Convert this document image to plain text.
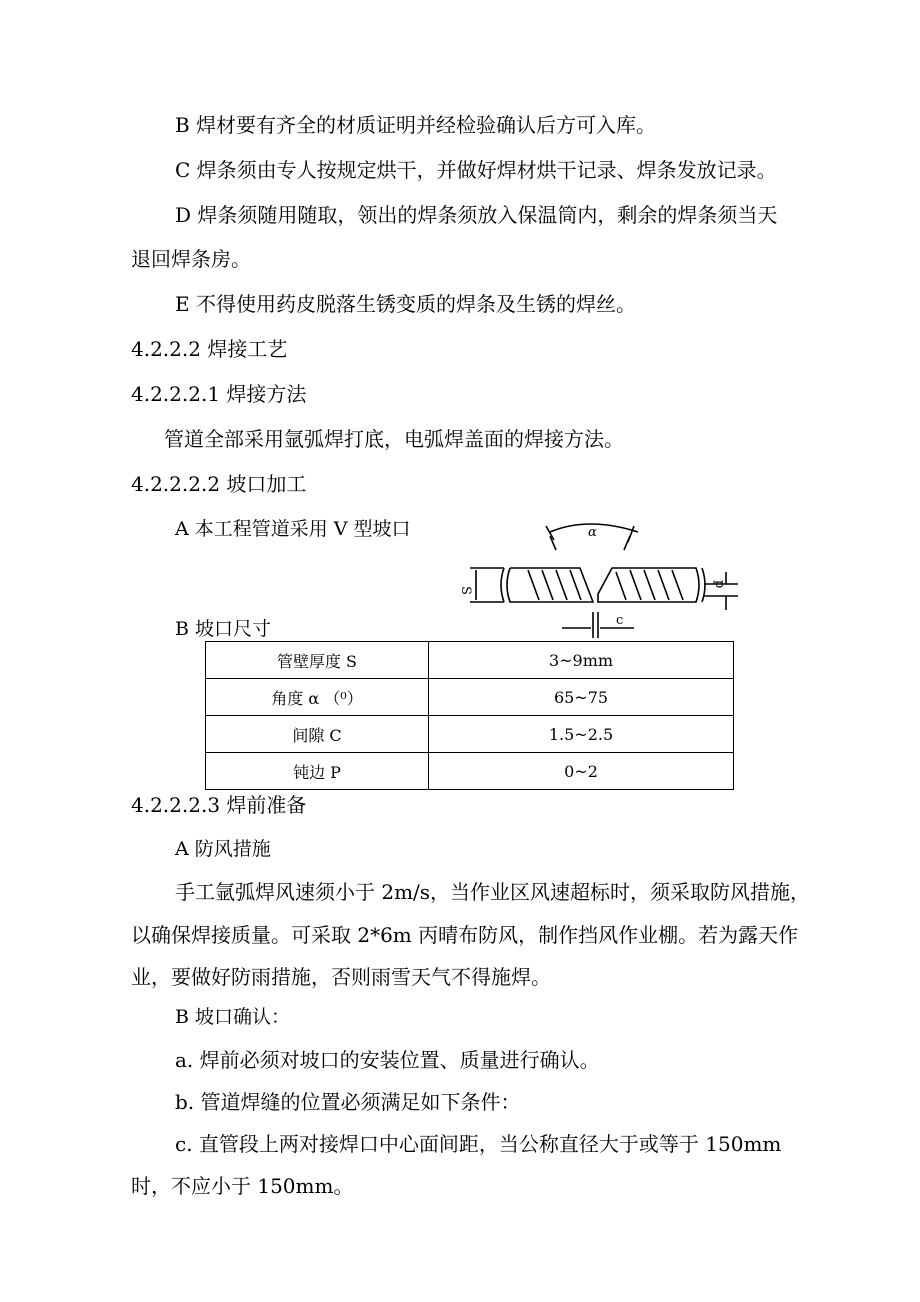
B 焊材要有齐全的材质证明并经检验确认后方可入库。
C 焊条须由专人按规定烘干，并做好焊材烘干记录、焊条发放记录。
D 焊条须随用随取，领出的焊条须放入保温筒内，剩余的焊条须当天
退回焊条房。
E 不得使用药皮脱落生锈变质的焊条及生锈的焊丝。
4.2.2.2 焊接工艺
4.2.2.2.1 焊接方法
管道全部采用氩弧焊打底，电弧焊盖面的焊接方法。
4.2.2.2.2 坡口加工
A 本工程管道采用 V 型坡口
B 坡口尺寸
α
S
p
c
管壁厚度 S	3~9mm
角度 α （⁰）	65~75
间隙 C	1.5~2.5
钝边 P	0~2
4.2.2.2.3 焊前准备
A 防风措施
手工氩弧焊风速须小于 2m/s，当作业区风速超标时，须采取防风措施，
以确保焊接质量。可采取 2*6m 丙晴布防风，制作挡风作业棚。若为露天作
业，要做好防雨措施，否则雨雪天气不得施焊。
B 坡口确认：
a. 焊前必须对坡口的安装位置、质量进行确认。
b. 管道焊缝的位置必须满足如下条件：
c. 直管段上两对接焊口中心面间距，当公称直径大于或等于 150mm
时，不应小于 150mm。
